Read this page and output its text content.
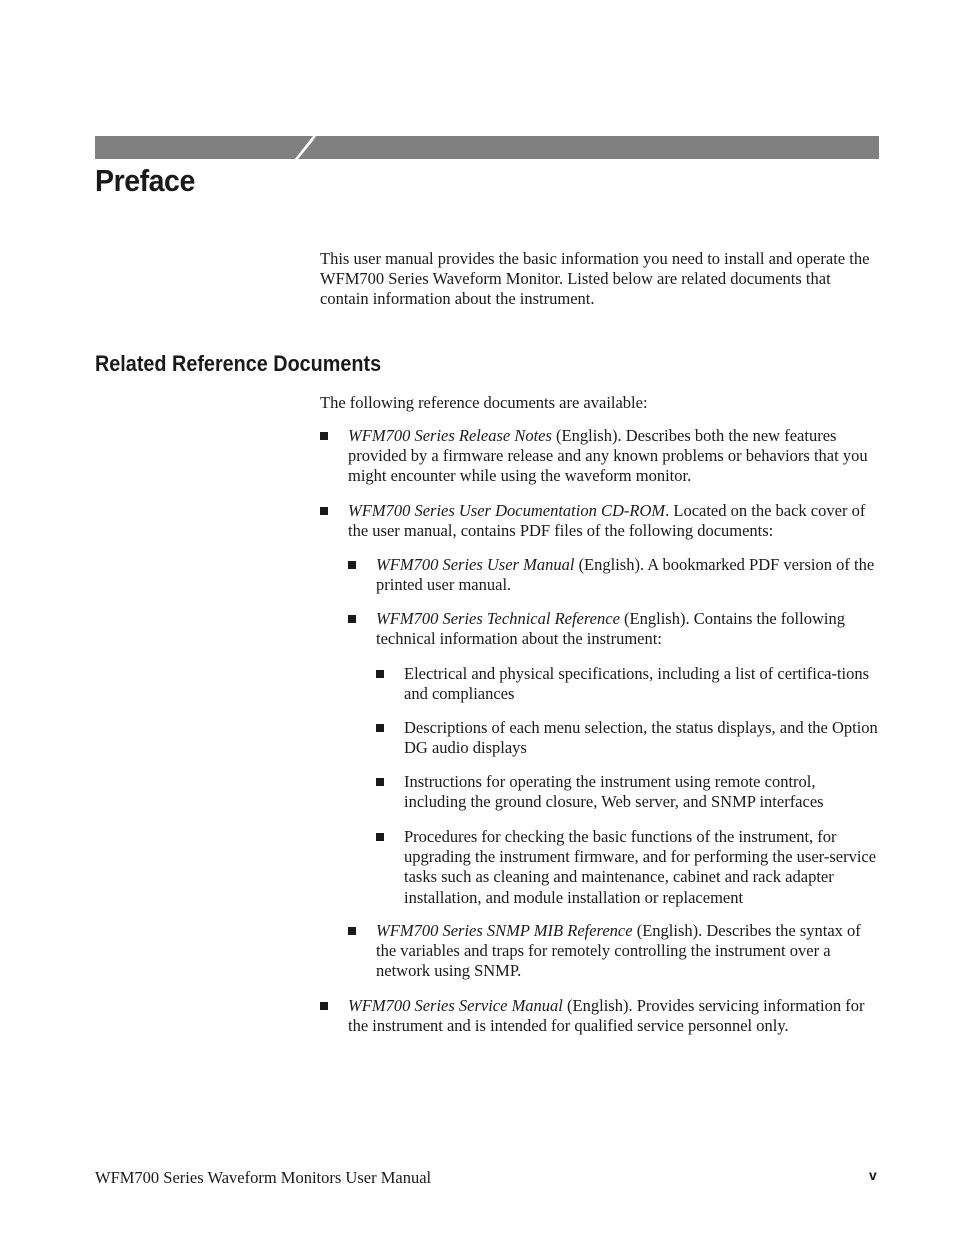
Preface

This user manual provides the basic information you need to install and operate the WFM700 Series Waveform Monitor. Listed below are related documents that contain information about the instrument.

Related Reference Documents

The following reference documents are available:

WFM700 Series Release Notes (English). Describes both the new features provided by a firmware release and any known problems or behaviors that you might encounter while using the waveform monitor.
WFM700 Series User Documentation CD-ROM. Located on the back cover of the user manual, contains PDF files of the following documents:
WFM700 Series User Manual (English). A bookmarked PDF version of the printed user manual.
WFM700 Series Technical Reference (English). Contains the following technical information about the instrument:
Electrical and physical specifications, including a list of certifica-tions and compliances
Descriptions of each menu selection, the status displays, and the Option DG audio displays
Instructions for operating the instrument using remote control, including the ground closure, Web server, and SNMP interfaces
Procedures for checking the basic functions of the instrument, for upgrading the instrument firmware, and for performing the user-service tasks such as cleaning and maintenance, cabinet and rack adapter installation, and module installation or replacement
WFM700 Series SNMP MIB Reference (English). Describes the syntax of the variables and traps for remotely controlling the instrument over a network using SNMP.
WFM700 Series Service Manual (English). Provides servicing information for the instrument and is intended for qualified service personnel only.
WFM700 Series Waveform Monitors User Manual	v
